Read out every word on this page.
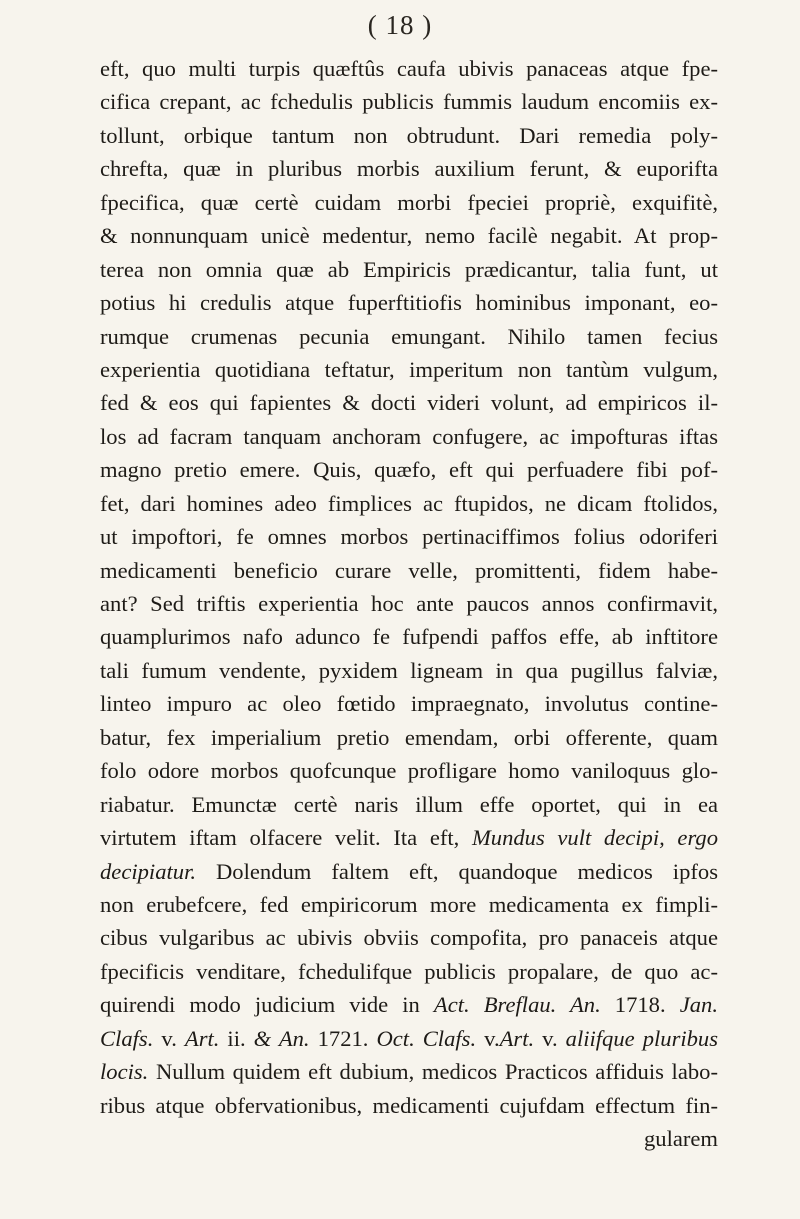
( 18 )
eft, quo multi turpis quæftûs caufa ubivis panaceas atque fpe-
cifica crepant, ac fchedulis publicis fummis laudum encomiis ex-
tollunt, orbique tantum non obtrudunt. Dari remedia poly-
chrefta, quæ in pluribus morbis auxilium ferunt, & euporifta
fpecifica, quæ certè cuidam morbi fpeciei propriè, exquifitè,
& nonnunquam unicè medentur, nemo facilè negabit. At prop-
terea non omnia quæ ab Empiricis prædicantur, talia funt, ut
potius hi credulis atque fuperftitiofis hominibus imponant, eo-
rumque crumenas pecunia emungant. Nihilo tamen fecius
experientia quotidiana teftatur, imperitum non tantùm vulgum,
fed & eos qui fapientes & docti videri volunt, ad empiricos il-
los ad facram tanquam anchoram confugere, ac impofturas iftas
magno pretio emere. Quis, quæfo, eft qui perfuadere fibi pof-
fet, dari homines adeo fimplices ac ftupidos, ne dicam ftolidos,
ut impoftori, fe omnes morbos pertinaciffimos folius odoriferi
medicamenti beneficio curare velle, promittenti, fidem habe-
ant? Sed triftis experientia hoc ante paucos annos confirmavit,
quamplurimos nafo adunco fe fufpendi paffos effe, ab inftitore
tali fumum vendente, pyxidem ligneam in qua pugillus falviæ,
linteo impuro ac oleo fœtido impraegnato, involutus contine-
batur, fex imperialium pretio emendam, orbi offerente, quam
folo odore morbos quofcunque profligare homo vaniloquus glo-
riabatur. Emunctæ certè naris illum effe oportet, qui in ea
virtutem iftam olfacere velit. Ita eft, Mundus vult decipi, ergo
decipiatur. Dolendum faltem eft, quandoque medicos ipfos
non erubefcere, fed empiricorum more medicamenta ex fimpli-
cibus vulgaribus ac ubivis obviis compofita, pro panaceis atque
fpecificis venditare, fchedulifque publicis propalare, de quo ac-
quirendi modo judicium vide in Act. Breflau. An. 1718. Jan.
Clafs. v. Art. ii. & An. 1721. Oct. Clafs. v.Art. v. aliifque pluribus
locis. Nullum quidem eft dubium, medicos Practicos affiduis labo-
ribus atque obfervationibus, medicamenti cujufdam effectum fin-
gularem
